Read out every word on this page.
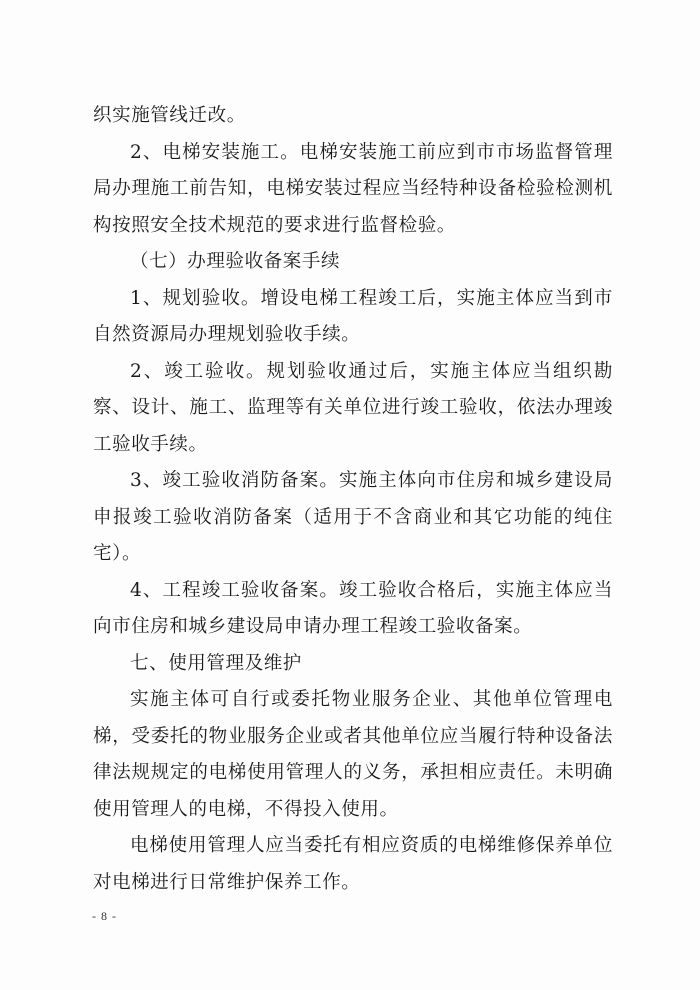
织实施管线迁改。

2、电梯安装施工。电梯安装施工前应到市市场监督管理局办理施工前告知，电梯安装过程应当经特种设备检验检测机构按照安全技术规范的要求进行监督检验。

（七）办理验收备案手续

1、规划验收。增设电梯工程竣工后，实施主体应当到市自然资源局办理规划验收手续。

2、竣工验收。规划验收通过后，实施主体应当组织勘察、设计、施工、监理等有关单位进行竣工验收，依法办理竣工验收手续。

3、竣工验收消防备案。实施主体向市住房和城乡建设局申报竣工验收消防备案（适用于不含商业和其它功能的纯住宅）。

4、工程竣工验收备案。竣工验收合格后，实施主体应当向市住房和城乡建设局申请办理工程竣工验收备案。

七、使用管理及维护

实施主体可自行或委托物业服务企业、其他单位管理电梯，受委托的物业服务企业或者其他单位应当履行特种设备法律法规规定的电梯使用管理人的义务，承担相应责任。未明确使用管理人的电梯，不得投入使用。

电梯使用管理人应当委托有相应资质的电梯维修保养单位对电梯进行日常维护保养工作。

- 8 -
